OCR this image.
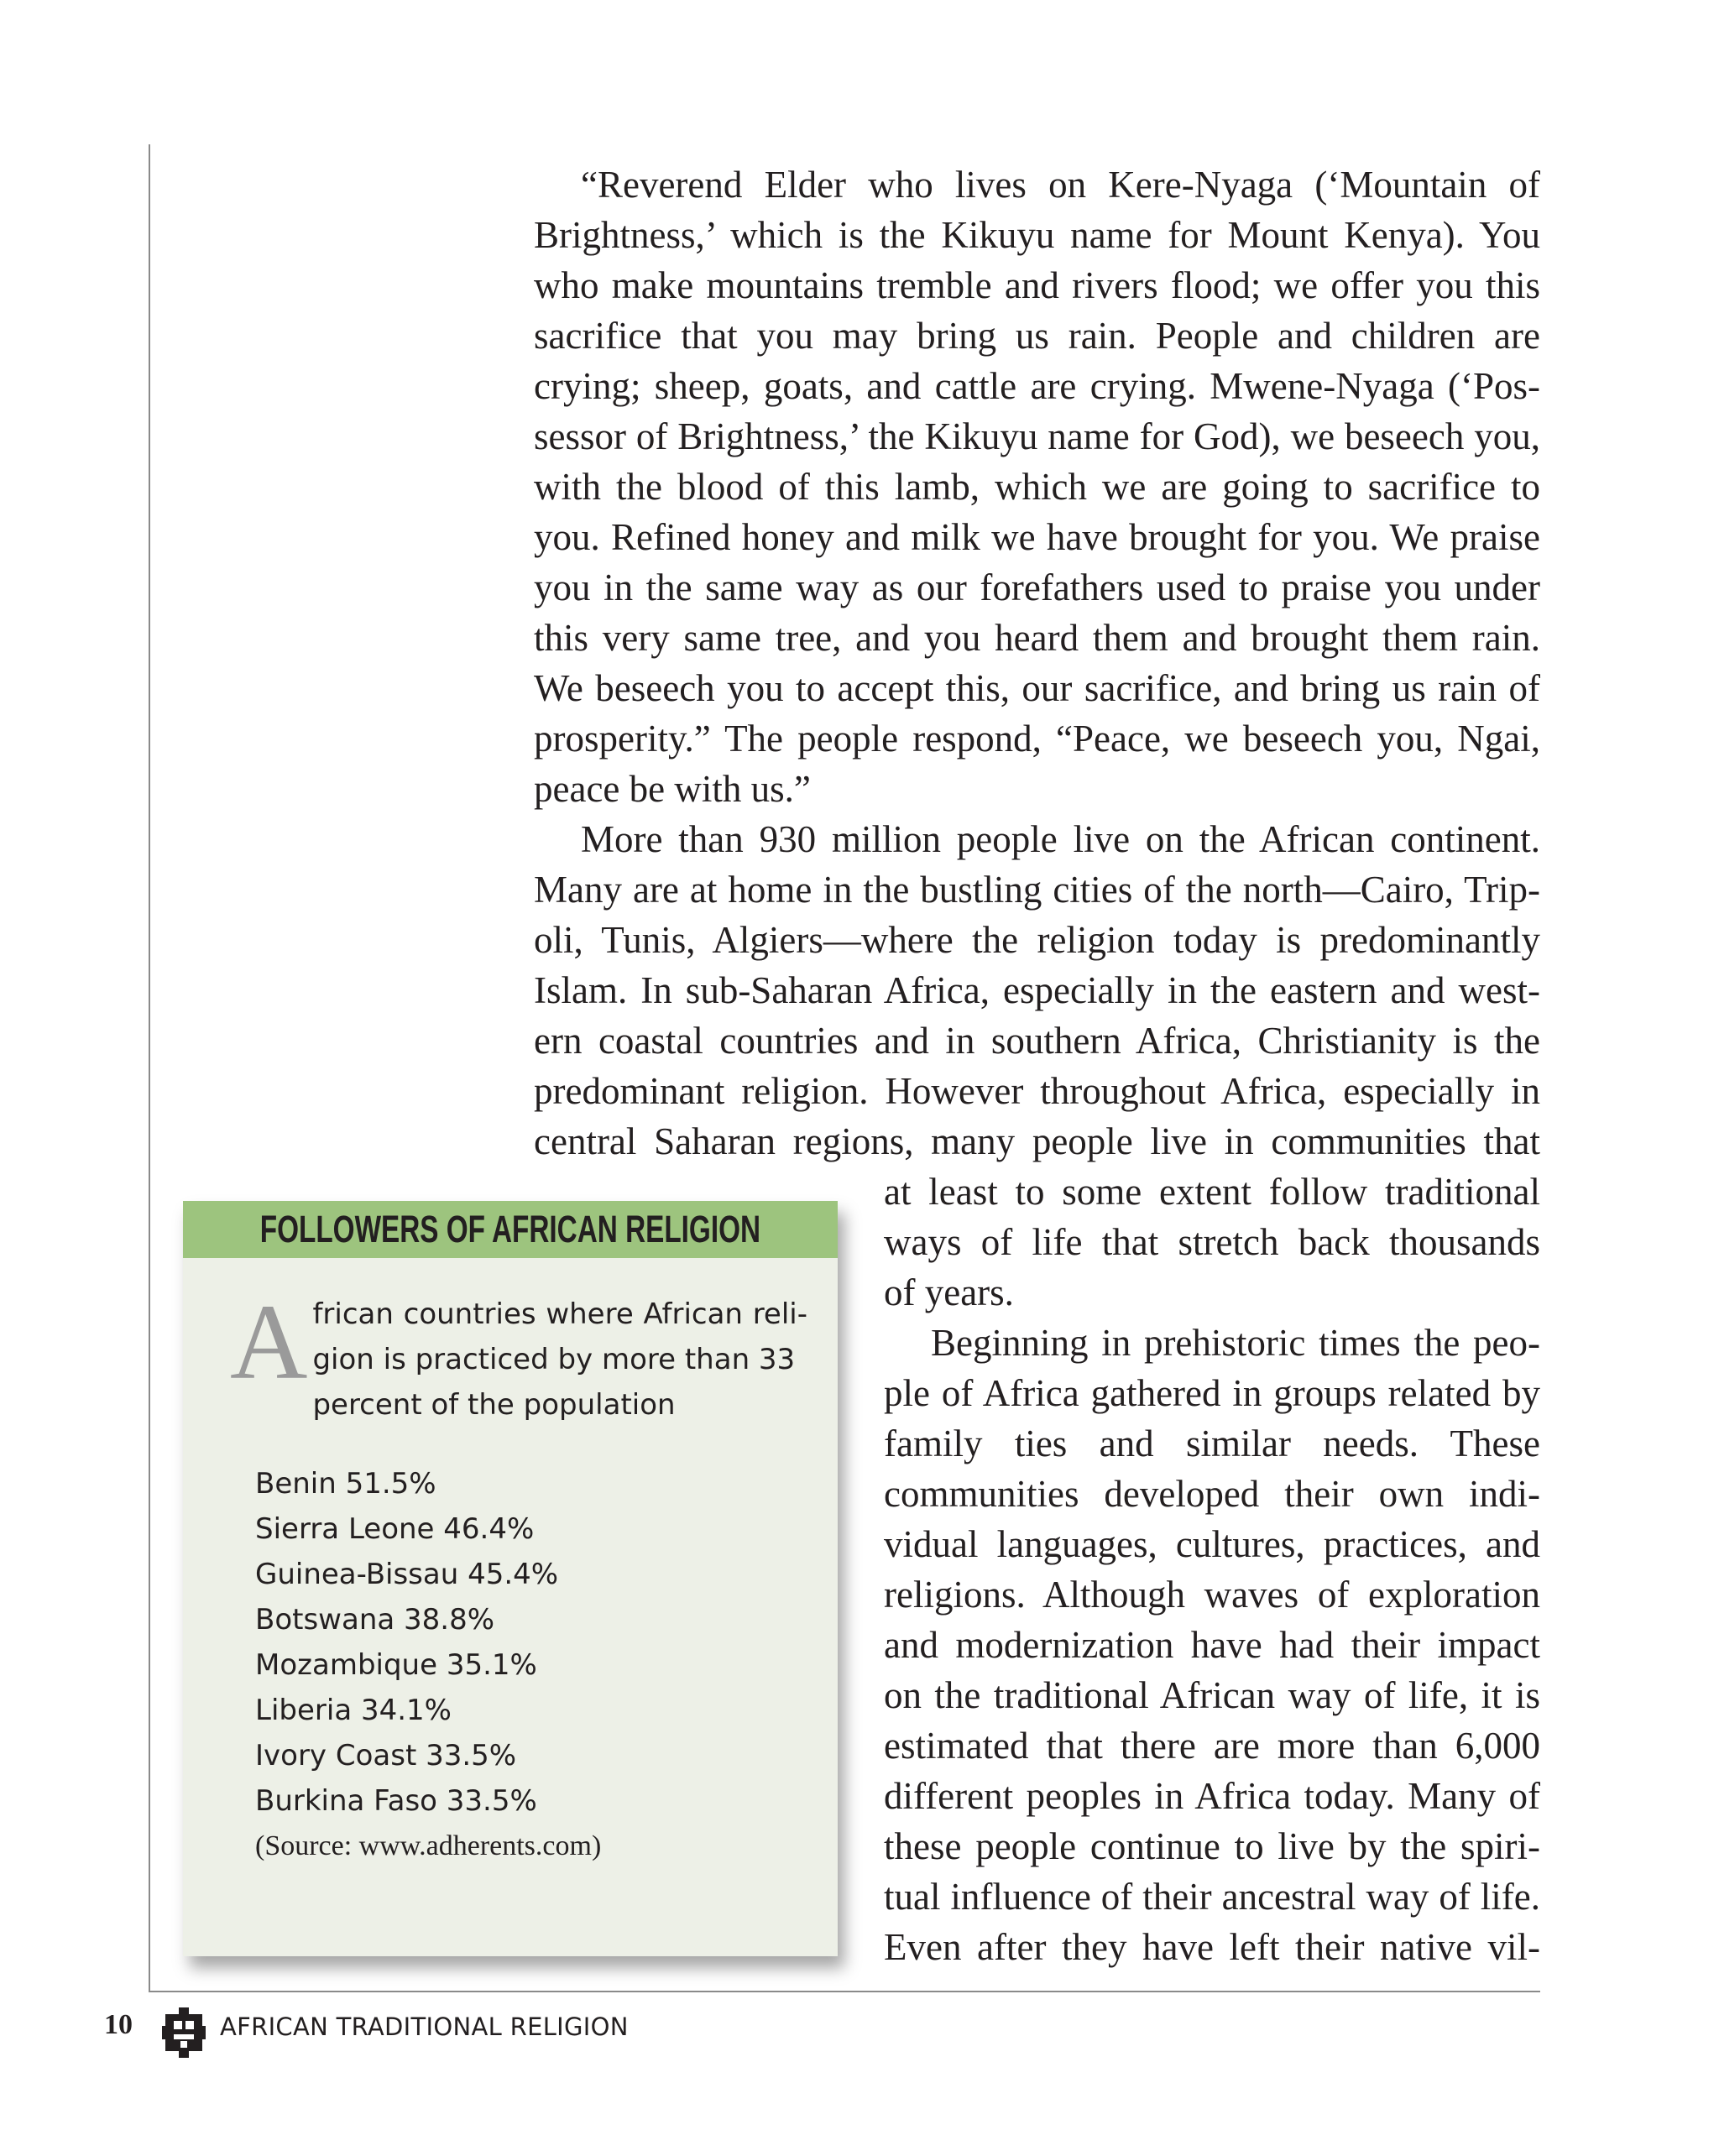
“Reverend Elder who lives on Kere-Nyaga (‘Mountain of Brightness,’ which is the Kikuyu name for Mount Kenya). You who make mountains tremble and rivers flood; we offer you this sacrifice that you may bring us rain. People and children are crying; sheep, goats, and cattle are crying. Mwene-Nyaga (‘Pos- sessor of Brightness,’ the Kikuyu name for God), we beseech you, with the blood of this lamb, which we are going to sacrifice to you. Refined honey and milk we have brought for you. We praise you in the same way as our forefathers used to praise you under this very same tree, and you heard them and brought them rain. We beseech you to accept this, our sacrifice, and bring us rain of prosperity.” The people respond, “Peace, we beseech you, Ngai,

peace be with us.”

More than 930 million people live on the African continent. Many are at home in the bustling cities of the north—Cairo, Trip- oli, Tunis, Algiers—where the religion today is predominantly Islam. In sub-Saharan Africa, especially in the eastern and west- ern coastal countries and in southern Africa, Christianity is the predominant religion. However throughout Africa, especially in central Saharan regions, many people live in communities that

at least to some extent follow traditional ways of life that stretch back thousands

of years.

Beginning in prehistoric times the peo- ple of Africa gathered in groups related by family ties and similar needs. These communities developed their own indi- vidual languages, cultures, practices, and religions. Although waves of exploration and modernization have had their impact on the traditional African way of life, it is estimated that there are more than 6,000 different peoples in Africa today. Many of these people continue to live by the spiri- tual influence of their ancestral way of life. Even after they have left their native vil-

FOLLOWERS OF AFRICAN RELIGION
A frican countries where African reli- gion is practiced by more than 33
percent of the population
Benin 51.5%
Sierra Leone 46.4%
Guinea-Bissau 45.4%
Botswana 38.8%
Mozambique 35.1%
Liberia 34.1%
Ivory Coast 33.5%
Burkina Faso 33.5%
(Source: www.adherents.com)
10	AFRICAN TRADITIONAL RELIGION
